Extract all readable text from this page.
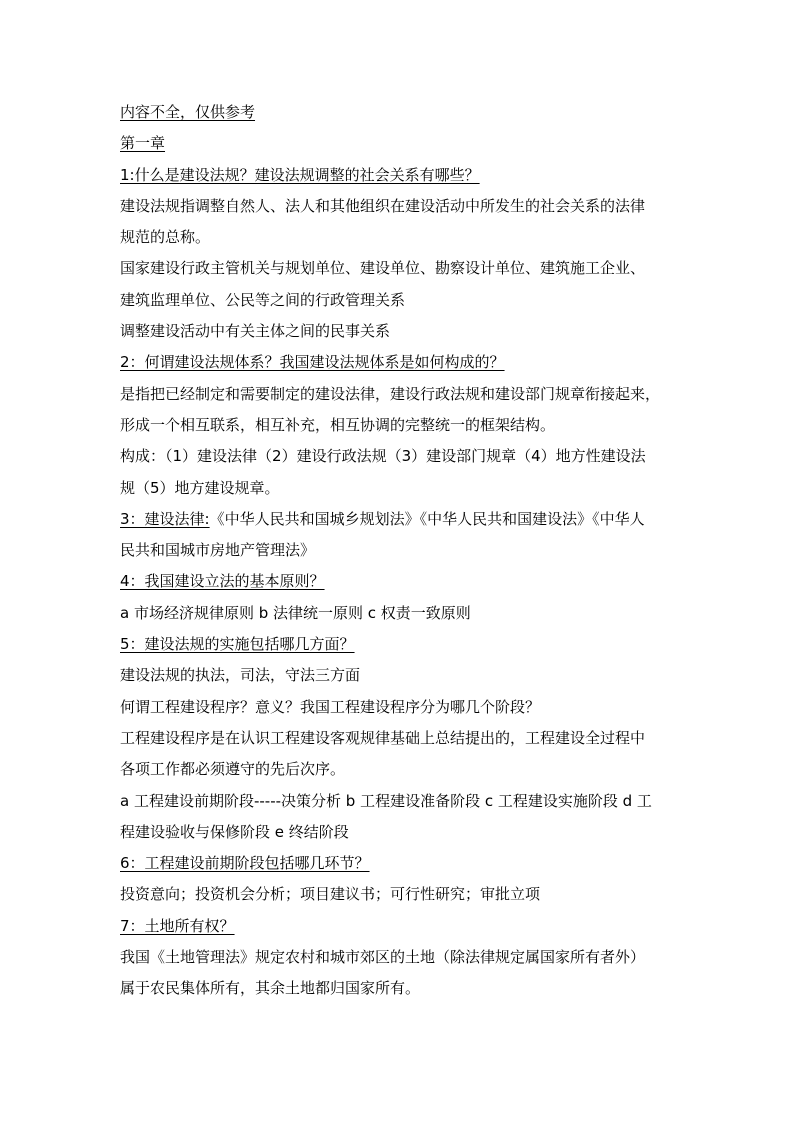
内容不全，仅供参考
第一章
1:什么是建设法规？建设法规调整的社会关系有哪些？
建设法规指调整自然人、法人和其他组织在建设活动中所发生的社会关系的法律
规范的总称。
国家建设行政主管机关与规划单位、建设单位、勘察设计单位、建筑施工企业、
建筑监理单位、公民等之间的行政管理关系
调整建设活动中有关主体之间的民事关系
2：何谓建设法规体系？我国建设法规体系是如何构成的？
是指把已经制定和需要制定的建设法律，建设行政法规和建设部门规章衔接起来，
形成一个相互联系，相互补充，相互协调的完整统一的框架结构。
构成：（1）建设法律（2）建设行政法规（3）建设部门规章（4）地方性建设法
规（5）地方建设规章。
3：建设法律:《中华人民共和国城乡规划法》《中华人民共和国建设法》《中华人
民共和国城市房地产管理法》
4：我国建设立法的基本原则？
a 市场经济规律原则 b 法律统一原则 c 权责一致原则
5：建设法规的实施包括哪几方面？
建设法规的执法，司法，守法三方面
何谓工程建设程序？意义？我国工程建设程序分为哪几个阶段？
工程建设程序是在认识工程建设客观规律基础上总结提出的，工程建设全过程中
各项工作都必须遵守的先后次序。
a 工程建设前期阶段-----决策分析 b 工程建设准备阶段 c 工程建设实施阶段 d 工
程建设验收与保修阶段 e 终结阶段
6：工程建设前期阶段包括哪几环节？
投资意向；投资机会分析；项目建议书；可行性研究；审批立项
7：土地所有权？
我国《土地管理法》规定农村和城市郊区的土地（除法律规定属国家所有者外）
属于农民集体所有，其余土地都归国家所有。
